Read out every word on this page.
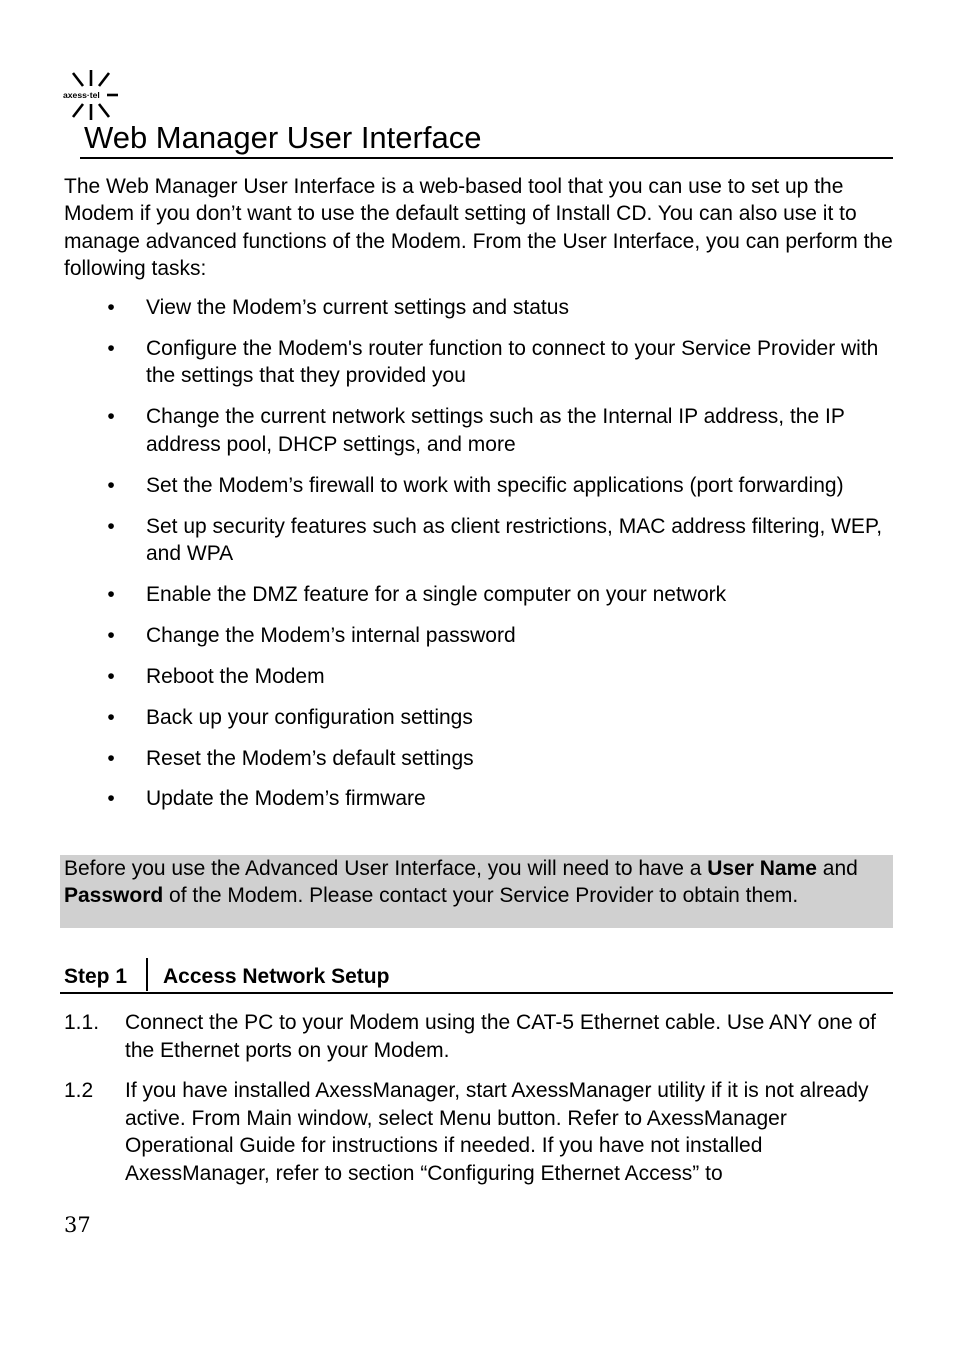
axess·tel
Web Manager User Interface

The Web Manager User Interface is a web-based tool that you can use to set up the Modem if you don’t want to use the default setting of Install CD. You can also use it to manage advanced functions of the Modem. From the User Interface, you can perform the following tasks:

• View the Modem’s current settings and status
• Configure the Modem's router function to connect to your Service Provider with the settings that they provided you
• Change the current network settings such as the Internal IP address, the IP address pool, DHCP settings, and more
• Set the Modem’s firewall to work with specific applications (port forwarding)
• Set up security features such as client restrictions, MAC address filtering, WEP, and WPA
• Enable the DMZ feature for a single computer on your network
• Change the Modem’s internal password
• Reboot the Modem
• Back up your configuration settings
• Reset the Modem’s default settings
• Update the Modem’s firmware

Before you use the Advanced User Interface, you will need to have a User Name and Password of the Modem. Please contact your Service Provider to obtain them.

Step 1 Access Network Setup
1.1. Connect the PC to your Modem using the CAT-5 Ethernet cable. Use ANY one of the Ethernet ports on your Modem.
1.2 If you have installed AxessManager, start AxessManager utility if it is not already active. From Main window, select Menu button. Refer to AxessManager Operational Guide for instructions if needed. If you have not installed AxessManager, refer to section “Configuring Ethernet Access” to
37
